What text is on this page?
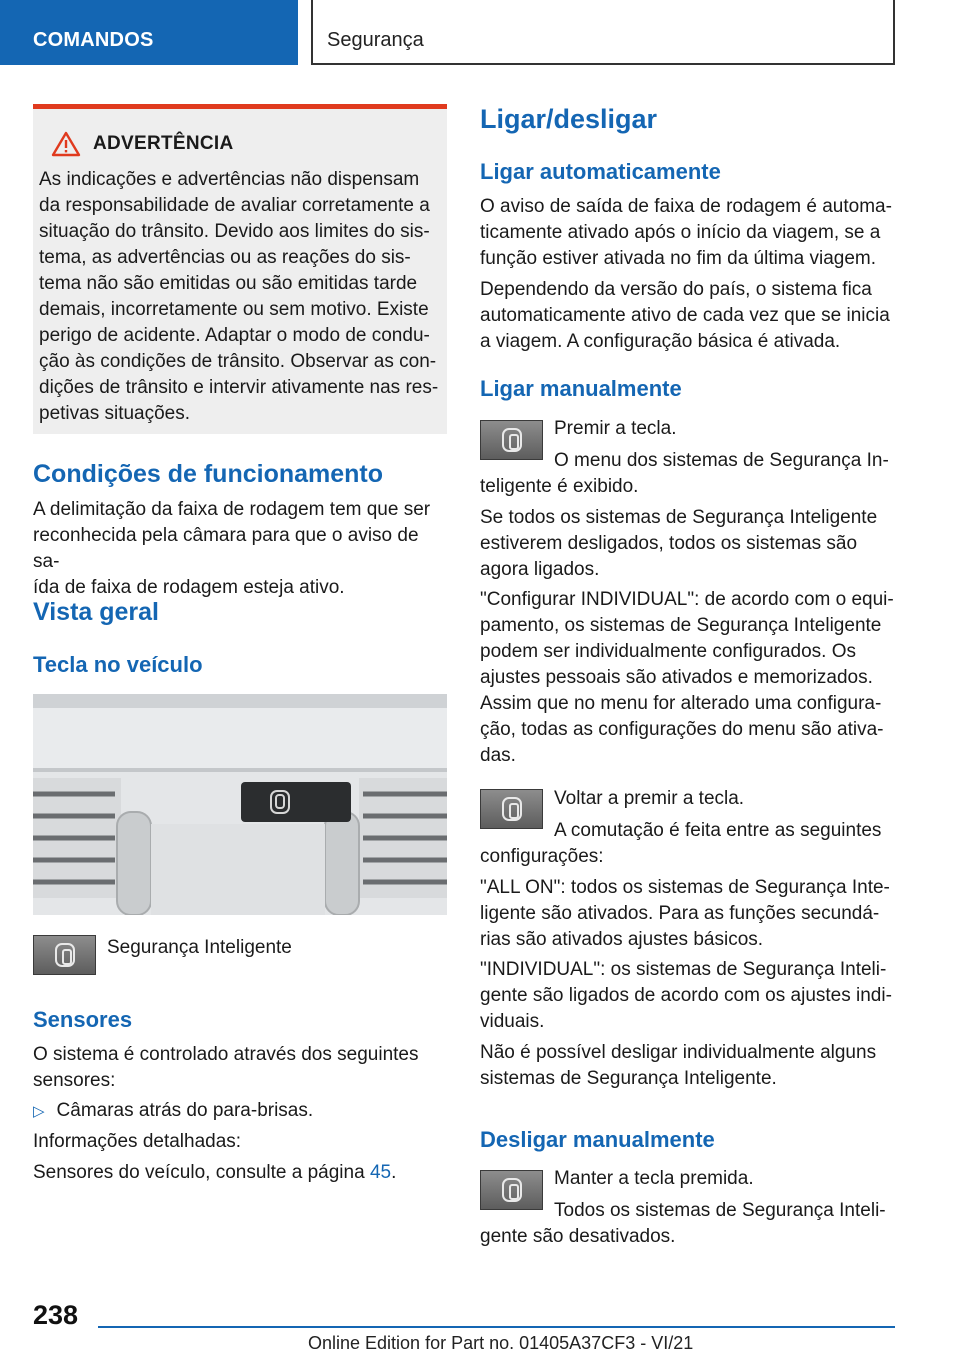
COMANDOS	Segurança
ADVERTÊNCIA
As indicações e advertências não dispensam
da responsabilidade de avaliar corretamente a
situação do trânsito. Devido aos limites do sis‐
tema, as advertências ou as reações do sis‐
tema não são emitidas ou são emitidas tarde
demais, incorretamente ou sem motivo. Existe
perigo de acidente. Adaptar o modo de condu‐
ção às condições de trânsito. Observar as con‐
dições de trânsito e intervir ativamente nas res‐
petivas situações.
Condições de funcionamento

A delimitação da faixa de rodagem tem que ser

reconhecida pela câmara para que o aviso de sa‐

ída de faixa de rodagem esteja ativo.

Vista geral
Tecla no veículo
Segurança Inteligente
Sensores

O sistema é controlado através dos seguintes

sensores:

▷ Câmaras atrás do para-brisas.
Informações detalhadas:
Sensores do veículo, consulte a página 45.
Ligar/desligar
Ligar automaticamente

O aviso de saída de faixa de rodagem é automa‐

ticamente ativado após o início da viagem, se a

função estiver ativada no fim da última viagem.

Dependendo da versão do país, o sistema fica

automaticamente ativo de cada vez que se inicia

a viagem. A configuração básica é ativada.

Ligar manualmente
Premir a tecla.
O menu dos sistemas de Segurança In‐
teligente é exibido.

Se todos os sistemas de Segurança Inteligente

estiverem desligados, todos os sistemas são

agora ligados.

"Configurar INDIVIDUAL": de acordo com o equi‐

pamento, os sistemas de Segurança Inteligente

podem ser individualmente configurados. Os

ajustes pessoais são ativados e memorizados.

Assim que no menu for alterado uma configura‐

ção, todas as configurações do menu são ativa‐

das.

Voltar a premir a tecla.
A comutação é feita entre as seguintes
configurações:

"ALL ON": todos os sistemas de Segurança Inte‐

ligente são ativados. Para as funções secundá‐

rias são ativados ajustes básicos.

"INDIVIDUAL": os sistemas de Segurança Inteli‐

gente são ligados de acordo com os ajustes indi‐

viduais.

Não é possível desligar individualmente alguns

sistemas de Segurança Inteligente.

Desligar manualmente
Manter a tecla premida.
Todos os sistemas de Segurança Inteli‐
gente são desativados.
238
Online Edition for Part no. 01405A37CF3 - VI/21
